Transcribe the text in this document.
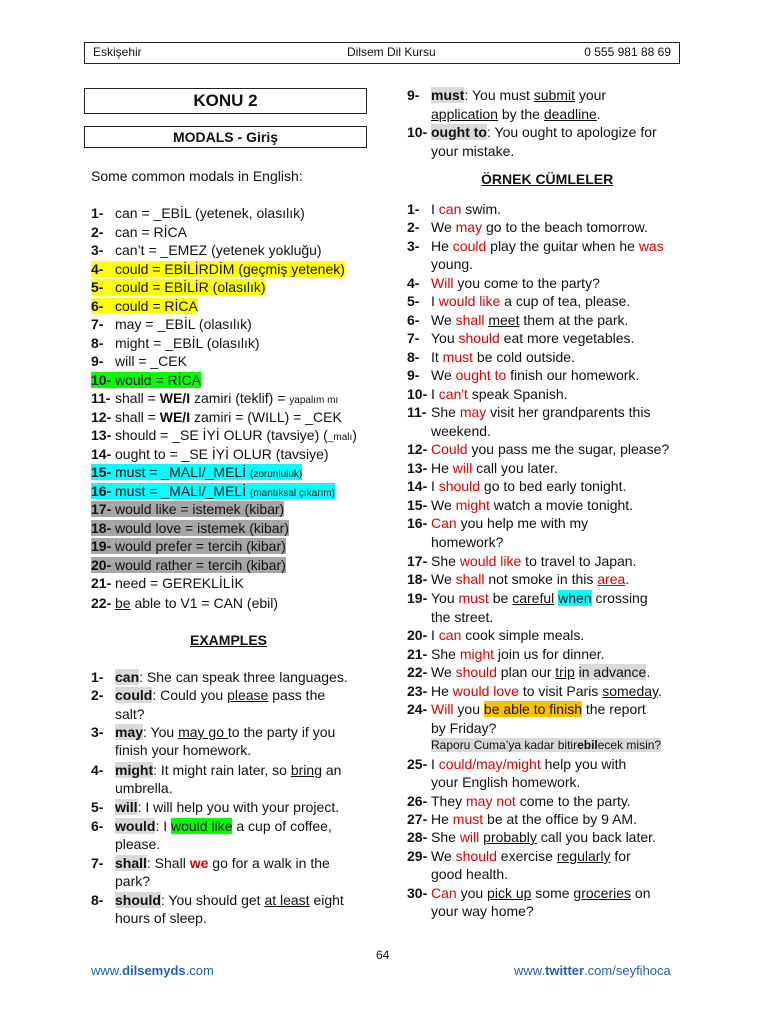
Eskişehir	Dilsem Dil Kursu	0 555 981 88 69
KONU 2
MODALS - Giriş
Some common modals in English:
1- can = _EBİL (yetenek, olasılık)
2- can = RİCA
3- can’t = _EMEZ (yetenek yokluğu)
4- could = EBİLİRDİM (geçmiş yetenek)
5- could = EBİLİR (olasılık)
6- could = RİCA
7- may = _EBİL (olasılık)
8- might = _EBİL (olasılık)
9- will = _CEK
10- would = RİCA
11- shall = WE/I zamiri (teklif) = yapalım mı
12- shall = WE/I zamiri = (WILL) = _CEK
13- should = _SE İYİ OLUR (tavsiye) (_malı)
14- ought to = _SE İYİ OLUR (tavsiye)
15- must = _MALI/_MELİ (zorunluluk)
16- must = _MALI/_MELİ (mantıksal çıkarım)
17- would like = istemek (kibar)
18- would love = istemek (kibar)
19- would prefer = tercih (kibar)
20- would rather = tercih (kibar)
21- need = GEREKLİLİK
22- be able to V1 = CAN (ebil)
EXAMPLES
1- can: She can speak three languages.
2- could: Could you please pass the
salt?
3- may: You may go to the party if you
finish your homework.
4- might: It might rain later, so bring an
umbrella.
5- will: I will help you with your project.
6- would: I would like a cup of coffee,
please.
7- shall: Shall we go for a walk in the
park?
8- should: You should get at least eight
hours of sleep.
9- must: You must submit your
application by the deadline.
10- ought to: You ought to apologize for
your mistake.
ÖRNEK CÜMLELER
1- I can swim.
2- We may go to the beach tomorrow.
3- He could play the guitar when he was
young.
4- Will you come to the party?
5- I would like a cup of tea, please.
6- We shall meet them at the park.
7- You should eat more vegetables.
8- It must be cold outside.
9- We ought to finish our homework.
10- I can't speak Spanish.
11- She may visit her grandparents this
weekend.
12- Could you pass me the sugar, please?
13- He will call you later.
14- I should go to bed early tonight.
15- We might watch a movie tonight.
16- Can you help me with my
homework?
17- She would like to travel to Japan.
18- We shall not smoke in this area.
19- You must be careful when crossing
the street.
20- I can cook simple meals.
21- She might join us for dinner.
22- We should plan our trip in advance.
23- He would love to visit Paris someday.
24- Will you be able to finish the report
by Friday?
Raporu Cuma’ya kadar bitirebilecek misin?
25- I could/may/might help you with
your English homework.
26- They may not come to the party.
27- He must be at the office by 9 AM.
28- She will probably call you back later.
29- We should exercise regularly for
good health.
30- Can you pick up some groceries on
your way home?
64
www.dilsemyds.com	www.twitter.com/seyfihoca
